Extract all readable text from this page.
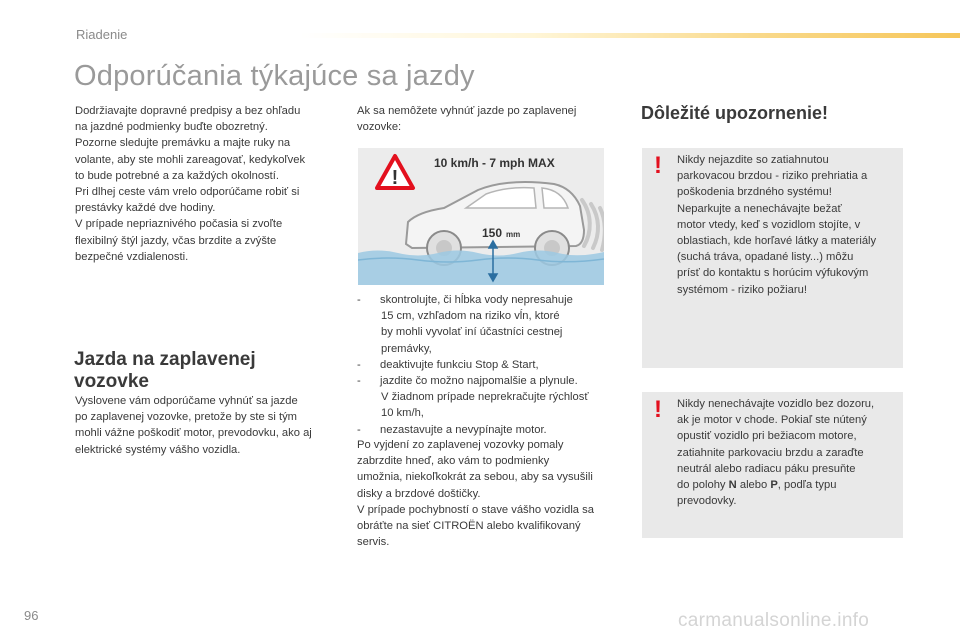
Riadenie
Odporúčania týkajúce sa jazdy
Dodržiavajte dopravné predpisy a bez ohľadu
na jazdné podmienky buďte obozretný.
Pozorne sledujte premávku a majte ruky na
volante, aby ste mohli zareagovať, kedykoľvek
to bude potrebné a za každých okolností.
Pri dlhej ceste vám vrelo odporúčame robiť si
prestávky každé dve hodiny.
V prípade nepriaznivého počasia si zvoľte
flexibilný štýl jazdy, včas brzdite a zvýšte
bezpečné vzdialenosti.
Jazda na zaplavenej
vozovke
Vyslovene vám odporúčame vyhnúť sa jazde
po zaplavenej vozovke, pretože by ste si tým
mohli vážne poškodiť motor, prevodovku, ako aj
elektrické systémy vášho vozidla.
Ak sa nemôžete vyhnúť jazde po zaplavenej
vozovke:
!
10 km/h - 7 mph MAX
150 mm
- skontrolujte, či hĺbka vody nepresahuje
15 cm, vzhľadom na riziko vĺn, ktoré
by mohli vyvolať iní účastníci cestnej
premávky,
- deaktivujte funkciu Stop & Start,
- jazdite čo možno najpomalšie a plynule.
V žiadnom prípade neprekračujte rýchlosť
10 km/h,
- nezastavujte a nevypínajte motor.
Po vyjdení zo zaplavenej vozovky pomaly
zabrzdite hneď, ako vám to podmienky
umožnia, niekoľkokrát za sebou, aby sa vysušili
disky a brzdové doštičky.
V prípade pochybností o stave vášho vozidla sa
obráťte na sieť CITROËN alebo kvalifikovaný
servis.
Dôležité upozornenie!
! Nikdy nejazdite so zatiahnutou
parkovacou brzdou - riziko prehriatia a
poškodenia brzdného systému!
Neparkujte a nenechávajte bežať
motor vtedy, keď s vozidlom stojíte, v
oblastiach, kde horľavé látky a materiály
(suchá tráva, opadané listy...) môžu
prísť do kontaktu s horúcim výfukovým
systémom - riziko požiaru!
! Nikdy nenechávajte vozidlo bez dozoru,
ak je motor v chode. Pokiaľ ste nútený
opustiť vozidlo pri bežiacom motore,
zatiahnite parkovaciu brzdu a zaraďte
neutrál alebo radiacu páku presuňte
do polohy N alebo P, podľa typu
prevodovky.
96	carmanualsonline.info
